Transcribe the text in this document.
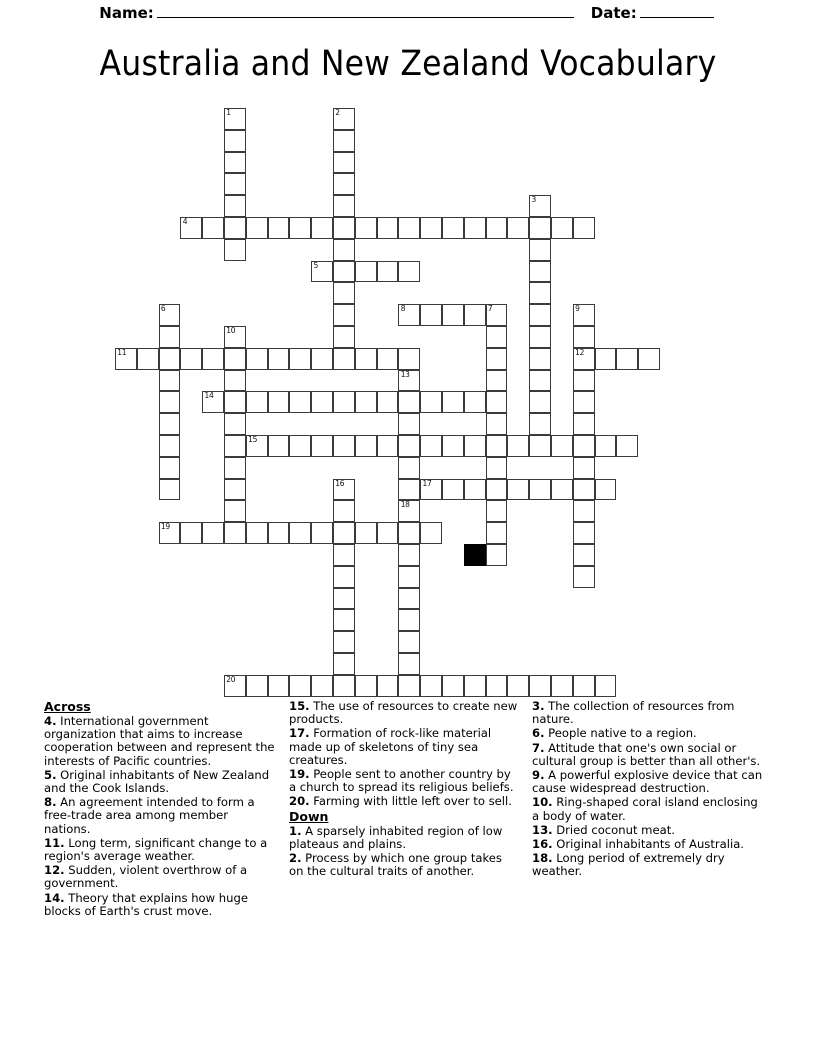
Name:	Date:
Australia and New Zealand Vocabulary
1	2
3
4
5
6	8	7	9
10
11	12
13
14
15
16	17
18
19
20
Across

4. International government organization that aims to increase cooperation between and represent the interests of Pacific countries.

5. Original inhabitants of New Zealand and the Cook Islands.

8. An agreement intended to form a free-trade area among member nations.

11. Long term, significant change to a region's average weather.

12. Sudden, violent overthrow of a government.

14. Theory that explains how huge blocks of Earth's crust move.

15. The use of resources to create new products.

17. Formation of rock-like material made up of skeletons of tiny sea creatures.

19. People sent to another country by a church to spread its religious beliefs.

20. Farming with little left over to sell.

Down

1. A sparsely inhabited region of low plateaus and plains.

2. Process by which one group takes on the cultural traits of another.

3. The collection of resources from nature.

6. People native to a region.

7. Attitude that one's own social or cultural group is better than all other's.

9. A powerful explosive device that can cause widespread destruction.

10. Ring-shaped coral island enclosing a body of water.

13. Dried coconut meat.

16. Original inhabitants of Australia.

18. Long period of extremely dry weather.
